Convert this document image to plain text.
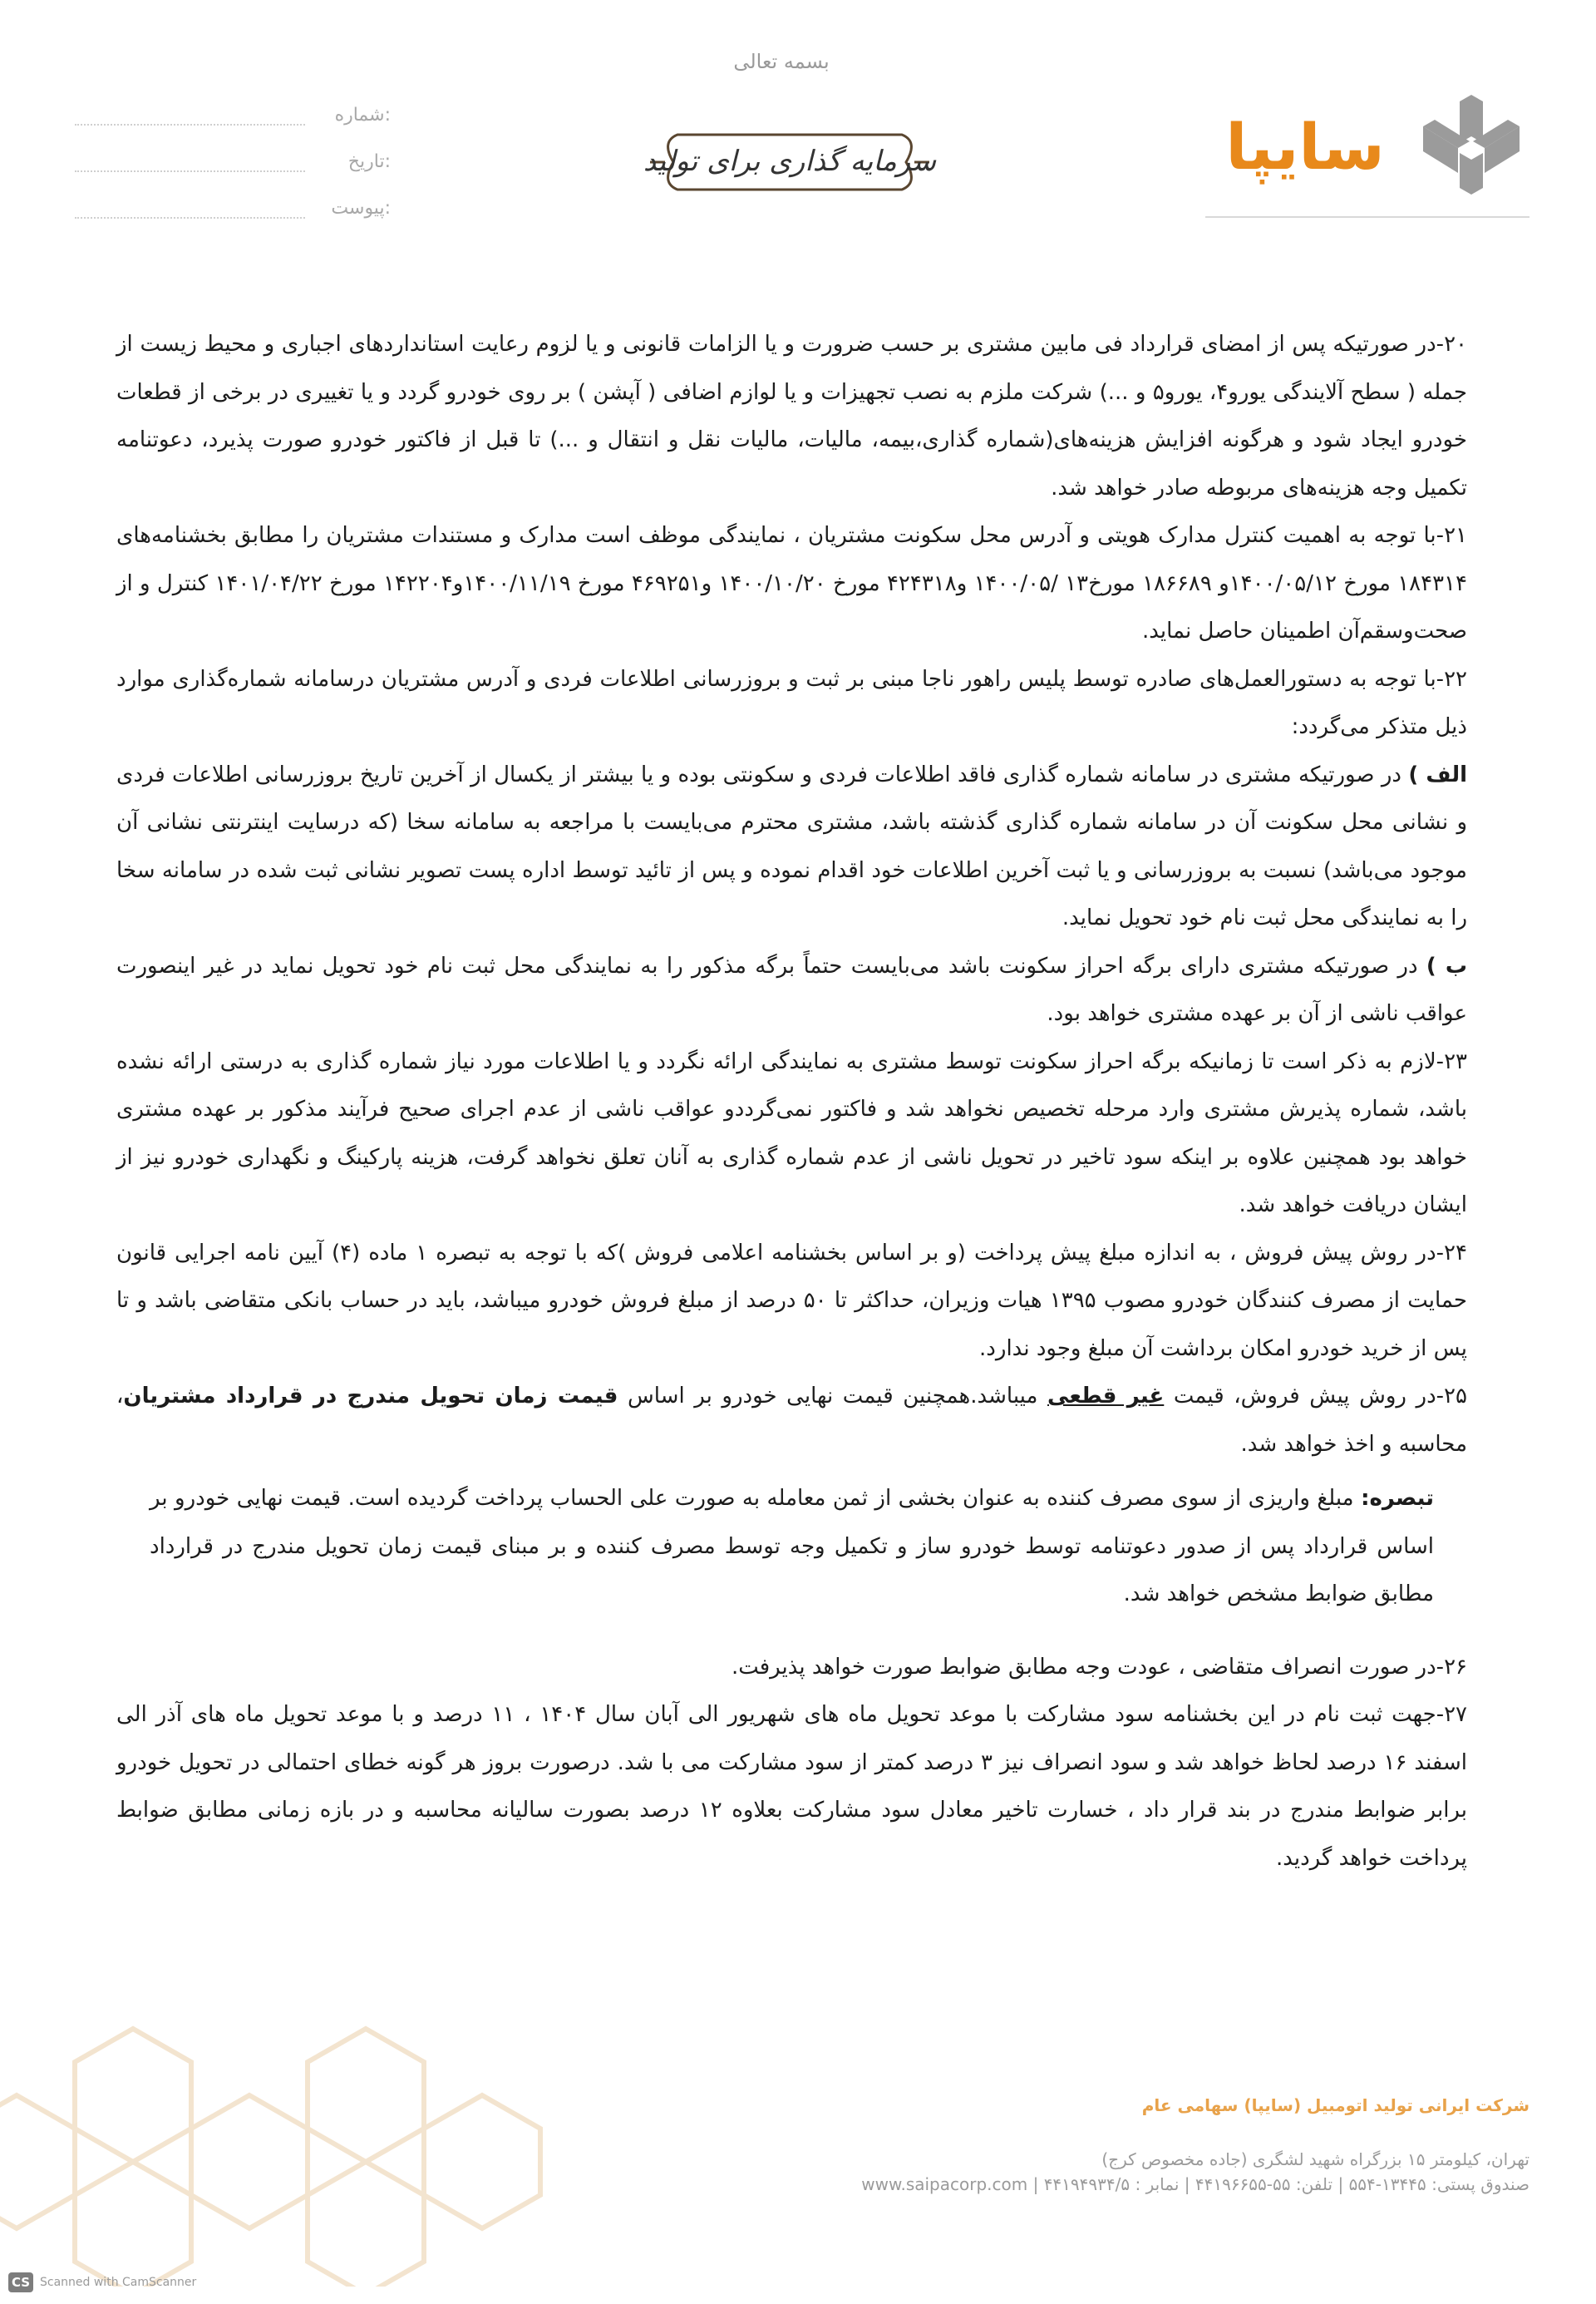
بسمه تعالی
شماره:
تاریخ:
پیوست:
سرمایه گذاری برای تولید	سایپا

۲۰-در صورتیکه پس از امضای قرارداد فی مابین مشتری بر حسب ضرورت و یا الزامات قانونی و یا لزوم رعایت استانداردهای اجباری و محیط زیست از جمله ( سطح آلایندگی یورو۴، یورو۵ و ...) شرکت ملزم به نصب تجهیزات و یا لوازم اضافی ( آپشن ) بر روی خودرو گردد و یا تغییری در برخی از قطعات خودرو ایجاد شود و هرگونه افزایش هزینه‌های(شماره گذاری،بیمه، مالیات، مالیات نقل و انتقال و ...) تا قبل از فاکتور خودرو صورت پذیرد، دعوتنامه تکمیل وجه هزینه‌های مربوطه صادر خواهد شد.

۲۱-با توجه به اهمیت کنترل مدارک هویتی و آدرس محل سکونت مشتریان ، نمایندگی موظف است مدارک و مستندات مشتریان را مطابق بخشنامه‌های ۱۸۴۳۱۴ مورخ ۱۴۰۰/۰۵/۱۲و ۱۸۶۶۸۹ مورخ۱۳ /۱۴۰۰/۰۵ و۴۲۴۳۱۸ مورخ ۱۴۰۰/۱۰/۲۰ و۴۶۹۲۵۱ مورخ ۱۴۰۰/۱۱/۱۹و۱۴۲۲۰۴ مورخ ۱۴۰۱/۰۴/۲۲ کنترل و از صحت‌وسقم‌آن اطمینان حاصل نماید.

۲۲-با توجه به دستورالعمل‌های صادره توسط پلیس راهور ناجا مبنی بر ثبت و بروزرسانی اطلاعات فردی و آدرس مشتریان درسامانه شماره‌گذاری موارد ذیل متذکر می‌گردد:

الف ) در صورتیکه مشتری در سامانه شماره گذاری فاقد اطلاعات فردی و سکونتی بوده و یا بیشتر از یکسال از آخرین تاریخ بروزرسانی اطلاعات فردی و نشانی محل سکونت آن در سامانه شماره گذاری گذشته باشد، مشتری محترم می‌بایست با مراجعه به سامانه سخا (که درسایت اینترنتی نشانی آن موجود می‌باشد) نسبت به بروزرسانی و یا ثبت آخرین اطلاعات خود اقدام نموده و پس از تائید توسط اداره پست تصویر نشانی ثبت شده در سامانه سخا را به نمایندگی محل ثبت نام خود تحویل نماید.

ب ) در صورتیکه مشتری دارای برگه احراز سکونت باشد می‌بایست حتماً برگه مذکور را به نمایندگی محل ثبت نام خود تحویل نماید در غیر اینصورت عواقب ناشی از آن بر عهده مشتری خواهد بود.

۲۳-لازم به ذکر است تا زمانیکه برگه احراز سکونت توسط مشتری به نمایندگی ارائه نگردد و یا اطلاعات مورد نیاز شماره گذاری به درستی ارائه نشده باشد، شماره پذیرش مشتری وارد مرحله تخصیص نخواهد شد و فاکتور نمی‌گرددو عواقب ناشی از عدم اجرای صحیح فرآیند مذکور بر عهده مشتری خواهد بود همچنین علاوه بر اینکه سود تاخیر در تحویل ناشی از عدم شماره گذاری به آنان تعلق نخواهد گرفت، هزینه پارکینگ و نگهداری خودرو نیز از ایشان دریافت خواهد شد.

۲۴-در روش پیش فروش ، به اندازه مبلغ پیش پرداخت (و بر اساس بخشنامه اعلامی فروش )که با توجه به تبصره ۱ ماده (۴) آیین نامه اجرایی قانون حمایت از مصرف کنندگان خودرو مصوب ۱۳۹۵ هیات وزیران، حداکثر تا ۵۰ درصد از مبلغ فروش خودرو میباشد، باید در حساب بانکی متقاضی باشد و تا پس از خرید خودرو امکان برداشت آن مبلغ وجود ندارد.

۲۵-در روش پیش فروش، قیمت غیر قطعی میباشد.همچنین قیمت نهایی خودرو بر اساس قیمت زمان تحویل مندرج در قرارداد مشتریان، محاسبه و اخذ خواهد شد.

تبصره: مبلغ واریزی از سوی مصرف کننده به عنوان بخشی از ثمن معامله به صورت علی الحساب پرداخت گردیده است. قیمت نهایی خودرو بر اساس قرارداد پس از صدور دعوتنامه توسط خودرو ساز و تکمیل وجه توسط مصرف کننده و بر مبنای قیمت زمان تحویل مندرج در قرارداد مطابق ضوابط مشخص خواهد شد.

۲۶-در صورت انصراف متقاضی ، عودت وجه مطابق ضوابط صورت خواهد پذیرفت.

۲۷-جهت ثبت نام در این بخشنامه سود مشارکت با موعد تحویل ماه های شهریور الی آبان سال ۱۴۰۴ ، ۱۱ درصد و با موعد تحویل ماه های آذر الی اسفند ۱۶ درصد لحاظ خواهد شد و سود انصراف نیز ۳ درصد کمتر از سود مشارکت می با شد. درصورت بروز هر گونه خطای احتمالی در تحویل خودرو برابر ضوابط مندرج در بند قرار داد ، خسارت تاخیر معادل سود مشارکت بعلاوه ۱۲ درصد بصورت سالیانه محاسبه و در بازه زمانی مطابق ضوابط پرداخت خواهد گردید.

شرکت ایرانی تولید اتومبیل (سایپا) سهامی عام
تهران، کیلومتر ۱۵ بزرگراه شهید لشگری (جاده مخصوص کرج)
www.saipacorp.com | ۴۴۱۹۴۹۳۴/۵ : صندوق پستی: ۱۳۴۴۵-۵۵۴ | تلفن: ۵۵-۴۴۱۹۶۶۵۵ | نمابر
CS Scanned with CamScanner
